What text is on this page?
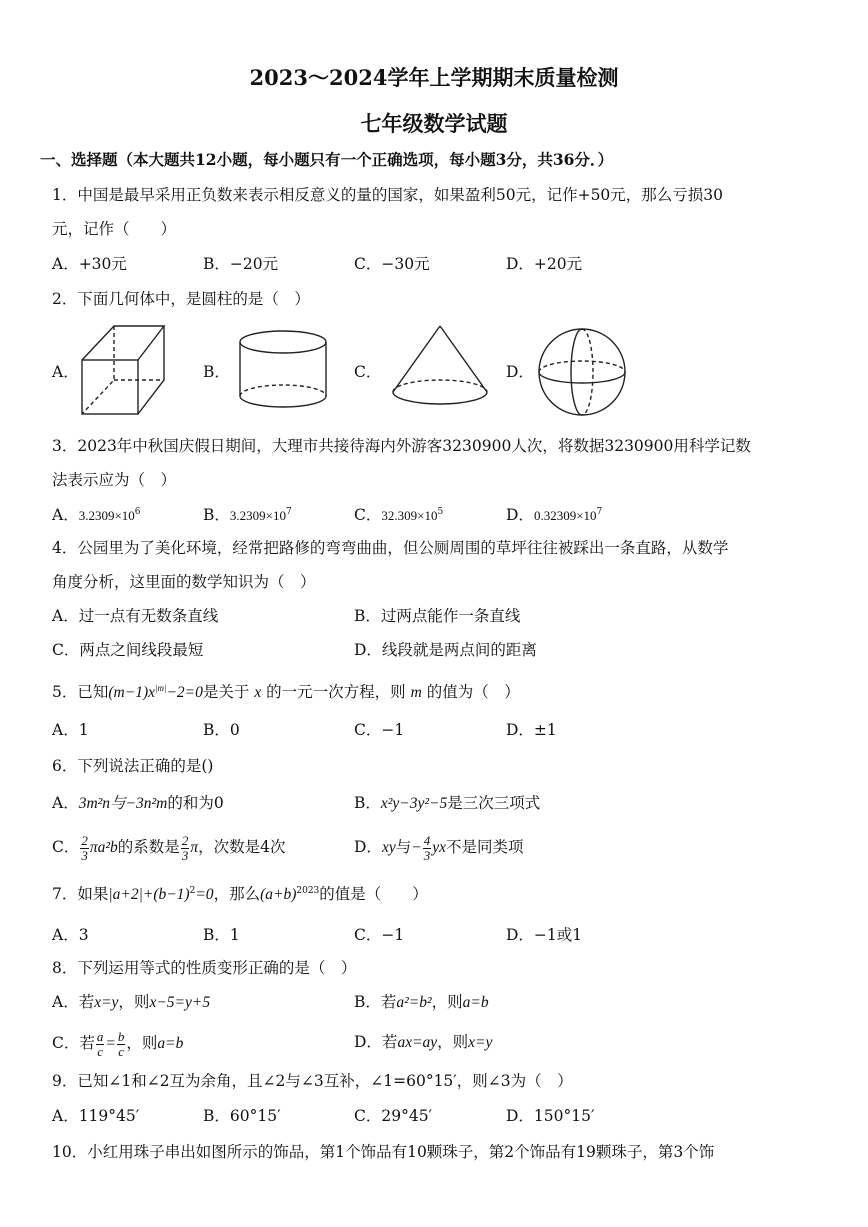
2023～2024学年上学期期末质量检测
七年级数学试题
一、选择题（本大题共12小题，每小题只有一个正确选项，每小题3分，共36分．）
1．中国是最早采用正负数来表示相反意义的量的国家，如果盈利50元，记作+50元，那么亏损30
元，记作（　　）
A．+30元	B．−20元	C．−30元	D．+20元
2．下面几何体中，是圆柱的是（　）
A．	B．	C．	D．
3．2023年中秋国庆假日期间，大理市共接待海内外游客3230900人次，将数据3230900用科学记数
法表示应为（　）
A．$3.2309\times 10^6$	B．$3.2309\times 10^7$	C．$32.309\times 10^5$	D．$0.32309\times 10^7$
4．公园里为了美化环境，经常把路修的弯弯曲曲，但公厕周围的草坪往往被踩出一条直路，从数学
角度分析，这里面的数学知识为（　）
A．过一点有无数条直线	B．过两点能作一条直线
C．两点之间线段最短	D．线段就是两点间的距离
5．已知$(m-1)x^{|m|}-2=0$是关于 x 的一元一次方程，则 m 的值为（　）
A．1	B．0	C．−1	D．±1
6．下列说法正确的是()
A．3m²n与−3n²m的和为0	B．x²y−3y²−5是三次三项式
C． $\frac{2}{3} \pi a^2b$的系数是 $\frac{2}{3}$ π，次数是4次	D．xy与− $\frac{4}{3}$ yx不是同类项
7．如果$|a+2|+(b-1)^2=0$，那么$(a+b)^{2023}$的值是（　　）
A．3	B．1	C．−1	D．−1或1
8．下列运用等式的性质变形正确的是（　）
A．若x=y，则x−5=y+5	B．若a²=b²，则a=b
C．若 $\frac{a}{c} = \frac{b}{c}$ ，则a=b	D．若ax=ay，则x=y
9．已知∠1和∠2互为余角，且∠2与∠3互补，∠1=60°15′，则∠3为（　）
A．119°45′	B．60°15′	C．29°45′	D．150°15′
10．小红用珠子串出如图所示的饰品，第1个饰品有10颗珠子，第2个饰品有19颗珠子，第3个饰
